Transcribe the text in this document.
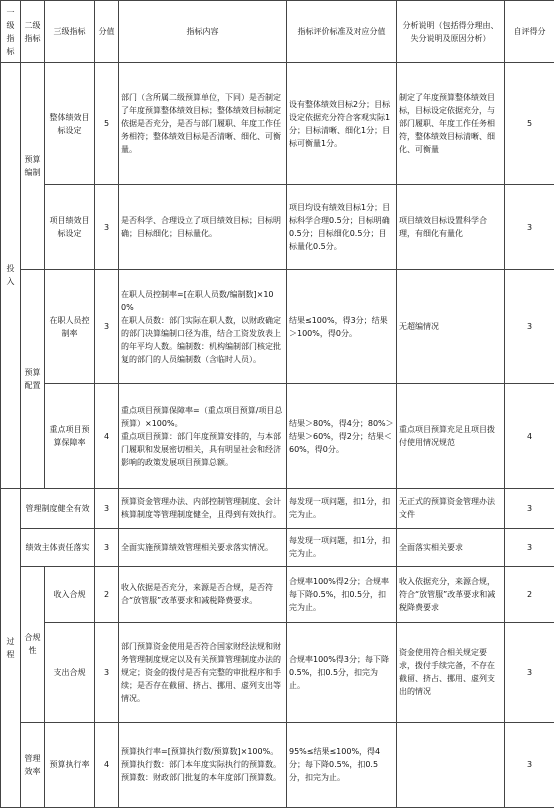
一级指标	二级指标	三级指标	分值	指标内容	指标评价标准及对应分值	分析说明（包括得分理由、失分说明及原因分析）	自评得分
投入	预算编制	整体绩效目标设定	5	部门（含所属二级预算单位，下同）是否制定了年度预算整体绩效目标；整体绩效目标制定依据是否充分，是否与部门履职、年度工作任务相符；整体绩效目标是否清晰、细化、可衡量。	设有整体绩效目标2分；目标设定依据充分符合客观实际1分；目标清晰、细化1分；目标可衡量1分。	制定了年度预算整体绩效目标，目标设定依据充分，与部门履职、年度工作任务相符，整体绩效目标清晰、细化、可衡量	5
		项目绩效目标设定	3	是否科学、合理设立了项目绩效目标；目标明确；目标细化；目标量化。	项目均设有绩效目标1分；目标科学合理0.5分；目标明确0.5分；目标细化0.5分；目标量化0.5分。	项目绩效目标设置科学合理，有细化有量化	3
	预算配置	在职人员控制率	3	在职人员控制率=[在职人员数/编制数]×100%
在职人员数：部门实际在职人数，以财政确定的部门决算编制口径为准，结合工资发放表上的年平均人数。编制数：机构编制部门核定批复的部门的人员编制数（含临时人员）。	结果≤100%，得3分；结果＞100%，得0分。	无超编情况	3
		重点项目预算保障率	4	重点项目预算保障率=（重点项目预算/项目总预算）×100%。
重点项目预算：部门年度预算安排的，与本部门履职和发展密切相关，具有明显社会和经济影响的政策发展项目预算总额。	结果＞80%，得4分；80%＞结果＞60%，得2分；结果＜60%，得0分。	重点项目预算充足且项目拨付使用情况规范	4
过程	管理制度健全有效		3	预算资金管理办法、内部控制管理制度、会计核算制度等管理制度健全，且得到有效执行。	每发现一项问题，扣1分，扣完为止。	无正式的预算资金管理办法文件	3
	绩效主体责任落实		3	全面实施预算绩效管理相关要求落实情况。	每发现一项问题，扣1分，扣完为止。	全面落实相关要求	3
	合规性	收入合规	2	收入依据是否充分，来源是否合规，是否符合“放管服”改革要求和减税降费要求。	合规率100%得2分；合规率每下降0.5%，扣0.5分，扣完为止。	收入依据充分，来源合规，符合“放管服”改革要求和减税降费要求	2
		支出合规	3	部门预算资金使用是否符合国家财经法规和财务管理制度规定以及有关预算管理制度办法的规定；资金的拨付是否有完整的审批程序和手续；是否存在截留、挤占、挪用、虚列支出等情况。	合规率100%得3分；每下降0.5%，扣0.5分，扣完为止。	资金使用符合相关规定要求，拨付手续完备，不存在截留、挤占、挪用、虚列支出的情况	3
	管理效率	预算执行率	4	预算执行率=[预算执行数/预算数]×100%。
预算执行数：部门本年度实际执行的预算数。
预算数：财政部门批复的本年度部门预算数。	95%≤结果≤100%，得4分；每下降0.5%，扣0.5分，扣完为止。		3
